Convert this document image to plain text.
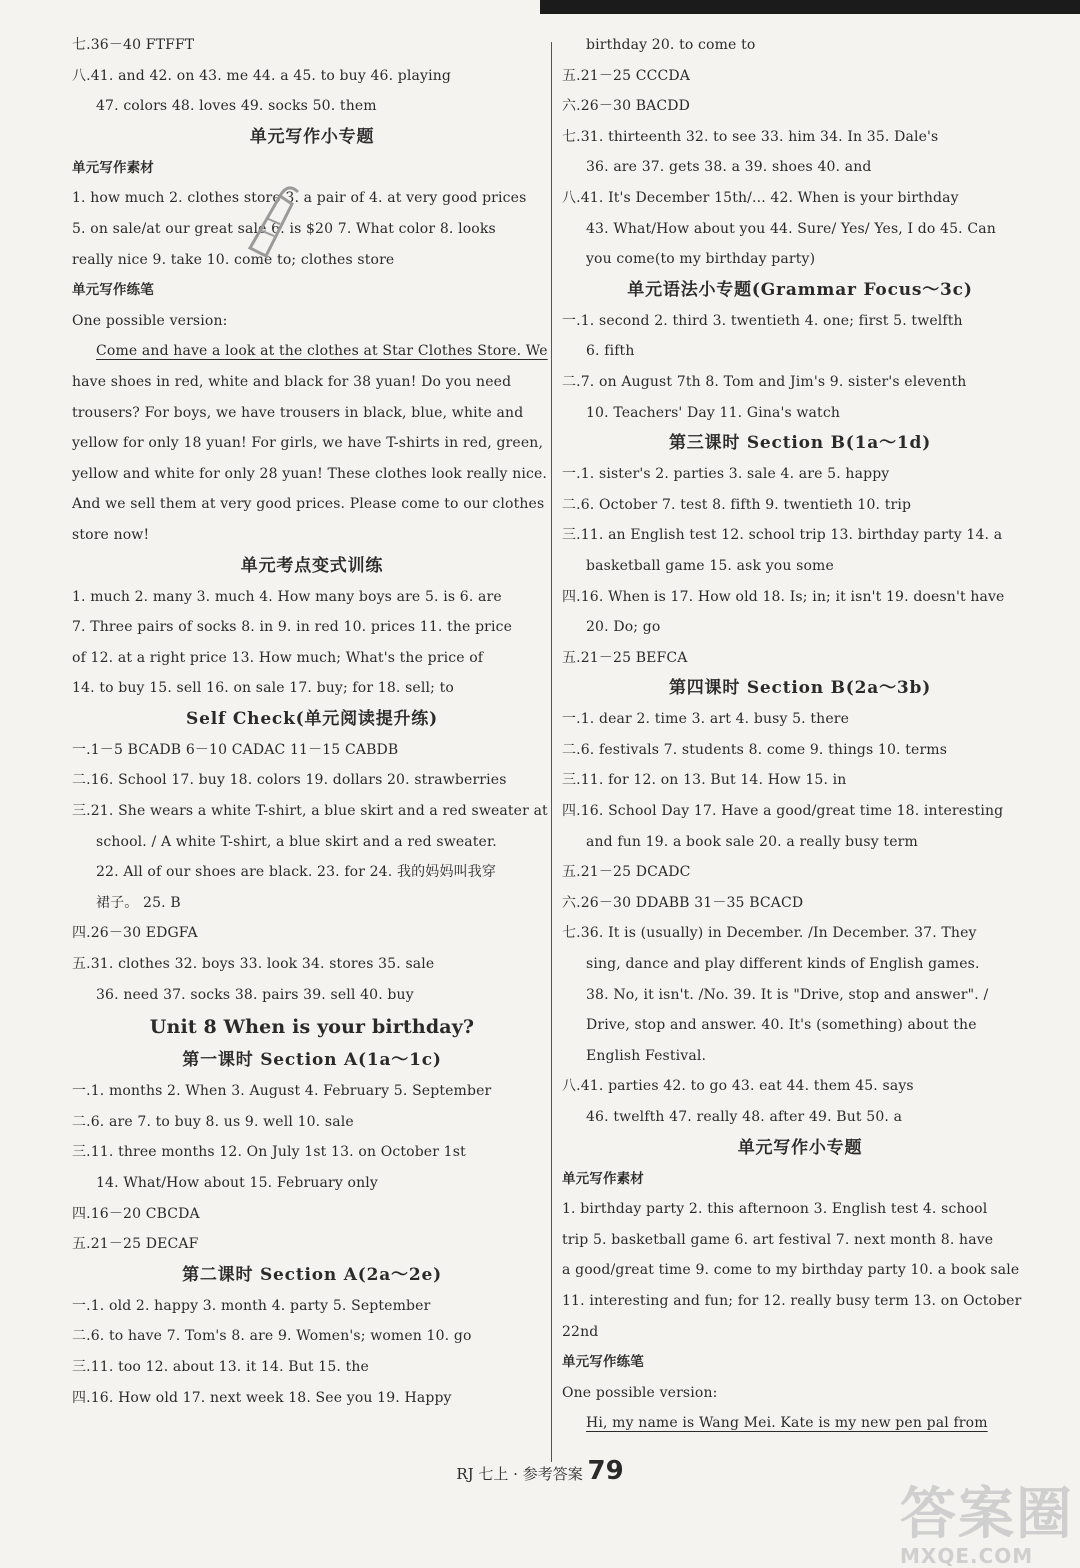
七.36－40 FTFFT
八.41. and 42. on 43. me 44. a 45. to buy 46. playing
47. colors 48. loves 49. socks 50. them
单元写作小专题
单元写作素材
1. how much 2. clothes store 3. a pair of 4. at very good prices
5. on sale/at our great sale 6. is $20 7. What color 8. looks
really nice 9. take 10. come to; clothes store
单元写作练笔
One possible version:
Come and have a look at the clothes at Star Clothes Store. We
have shoes in red, white and black for 38 yuan! Do you need
trousers? For boys, we have trousers in black, blue, white and
yellow for only 18 yuan! For girls, we have T-shirts in red, green,
yellow and white for only 28 yuan! These clothes look really nice.
And we sell them at very good prices. Please come to our clothes
store now!
单元考点变式训练
1. much 2. many 3. much 4. How many boys are 5. is 6. are
7. Three pairs of socks 8. in 9. in red 10. prices 11. the price
of 12. at a right price 13. How much; What's the price of
14. to buy 15. sell 16. on sale 17. buy; for 18. sell; to
Self Check(单元阅读提升练)
一.1－5 BCADB 6－10 CADAC 11－15 CABDB
二.16. School 17. buy 18. colors 19. dollars 20. strawberries
三.21. She wears a white T-shirt, a blue skirt and a red sweater at
school. / A white T-shirt, a blue skirt and a red sweater.
22. All of our shoes are black. 23. for 24. 我的妈妈叫我穿
裙子。 25. B
四.26－30 EDGFA
五.31. clothes 32. boys 33. look 34. stores 35. sale
36. need 37. socks 38. pairs 39. sell 40. buy
Unit 8 When is your birthday?
第一课时 Section A(1a～1c)
一.1. months 2. When 3. August 4. February 5. September
二.6. are 7. to buy 8. us 9. well 10. sale
三.11. three months 12. On July 1st 13. on October 1st
14. What/How about 15. February only
四.16－20 CBCDA
五.21－25 DECAF
第二课时 Section A(2a～2e)
一.1. old 2. happy 3. month 4. party 5. September
二.6. to have 7. Tom's 8. are 9. Women's; women 10. go
三.11. too 12. about 13. it 14. But 15. the
四.16. How old 17. next week 18. See you 19. Happy
birthday 20. to come to
五.21－25 CCCDA
六.26－30 BACDD
七.31. thirteenth 32. to see 33. him 34. In 35. Dale's
36. are 37. gets 38. a 39. shoes 40. and
八.41. It's December 15th/... 42. When is your birthday
43. What/How about you 44. Sure/ Yes/ Yes, I do 45. Can
you come(to my birthday party)
单元语法小专题(Grammar Focus～3c)
一.1. second 2. third 3. twentieth 4. one; first 5. twelfth
6. fifth
二.7. on August 7th 8. Tom and Jim's 9. sister's eleventh
10. Teachers' Day 11. Gina's watch
第三课时 Section B(1a～1d)
一.1. sister's 2. parties 3. sale 4. are 5. happy
二.6. October 7. test 8. fifth 9. twentieth 10. trip
三.11. an English test 12. school trip 13. birthday party 14. a
basketball game 15. ask you some
四.16. When is 17. How old 18. Is; in; it isn't 19. doesn't have
20. Do; go
五.21－25 BEFCA
第四课时 Section B(2a～3b)
一.1. dear 2. time 3. art 4. busy 5. there
二.6. festivals 7. students 8. come 9. things 10. terms
三.11. for 12. on 13. But 14. How 15. in
四.16. School Day 17. Have a good/great time 18. interesting
and fun 19. a book sale 20. a really busy term
五.21－25 DCADC
六.26－30 DDABB 31－35 BCACD
七.36. It is (usually) in December. /In December. 37. They
sing, dance and play different kinds of English games.
38. No, it isn't. /No. 39. It is "Drive, stop and answer". /
Drive, stop and answer. 40. It's (something) about the
English Festival.
八.41. parties 42. to go 43. eat 44. them 45. says
46. twelfth 47. really 48. after 49. But 50. a
单元写作小专题
单元写作素材
1. birthday party 2. this afternoon 3. English test 4. school
trip 5. basketball game 6. art festival 7. next month 8. have
a good/great time 9. come to my birthday party 10. a book sale
11. interesting and fun; for 12. really busy term 13. on October
22nd
单元写作练笔
One possible version:
Hi, my name is Wang Mei. Kate is my new pen pal from
RJ 七上 · 参考答案 79
答案圈
MXQE.COM
